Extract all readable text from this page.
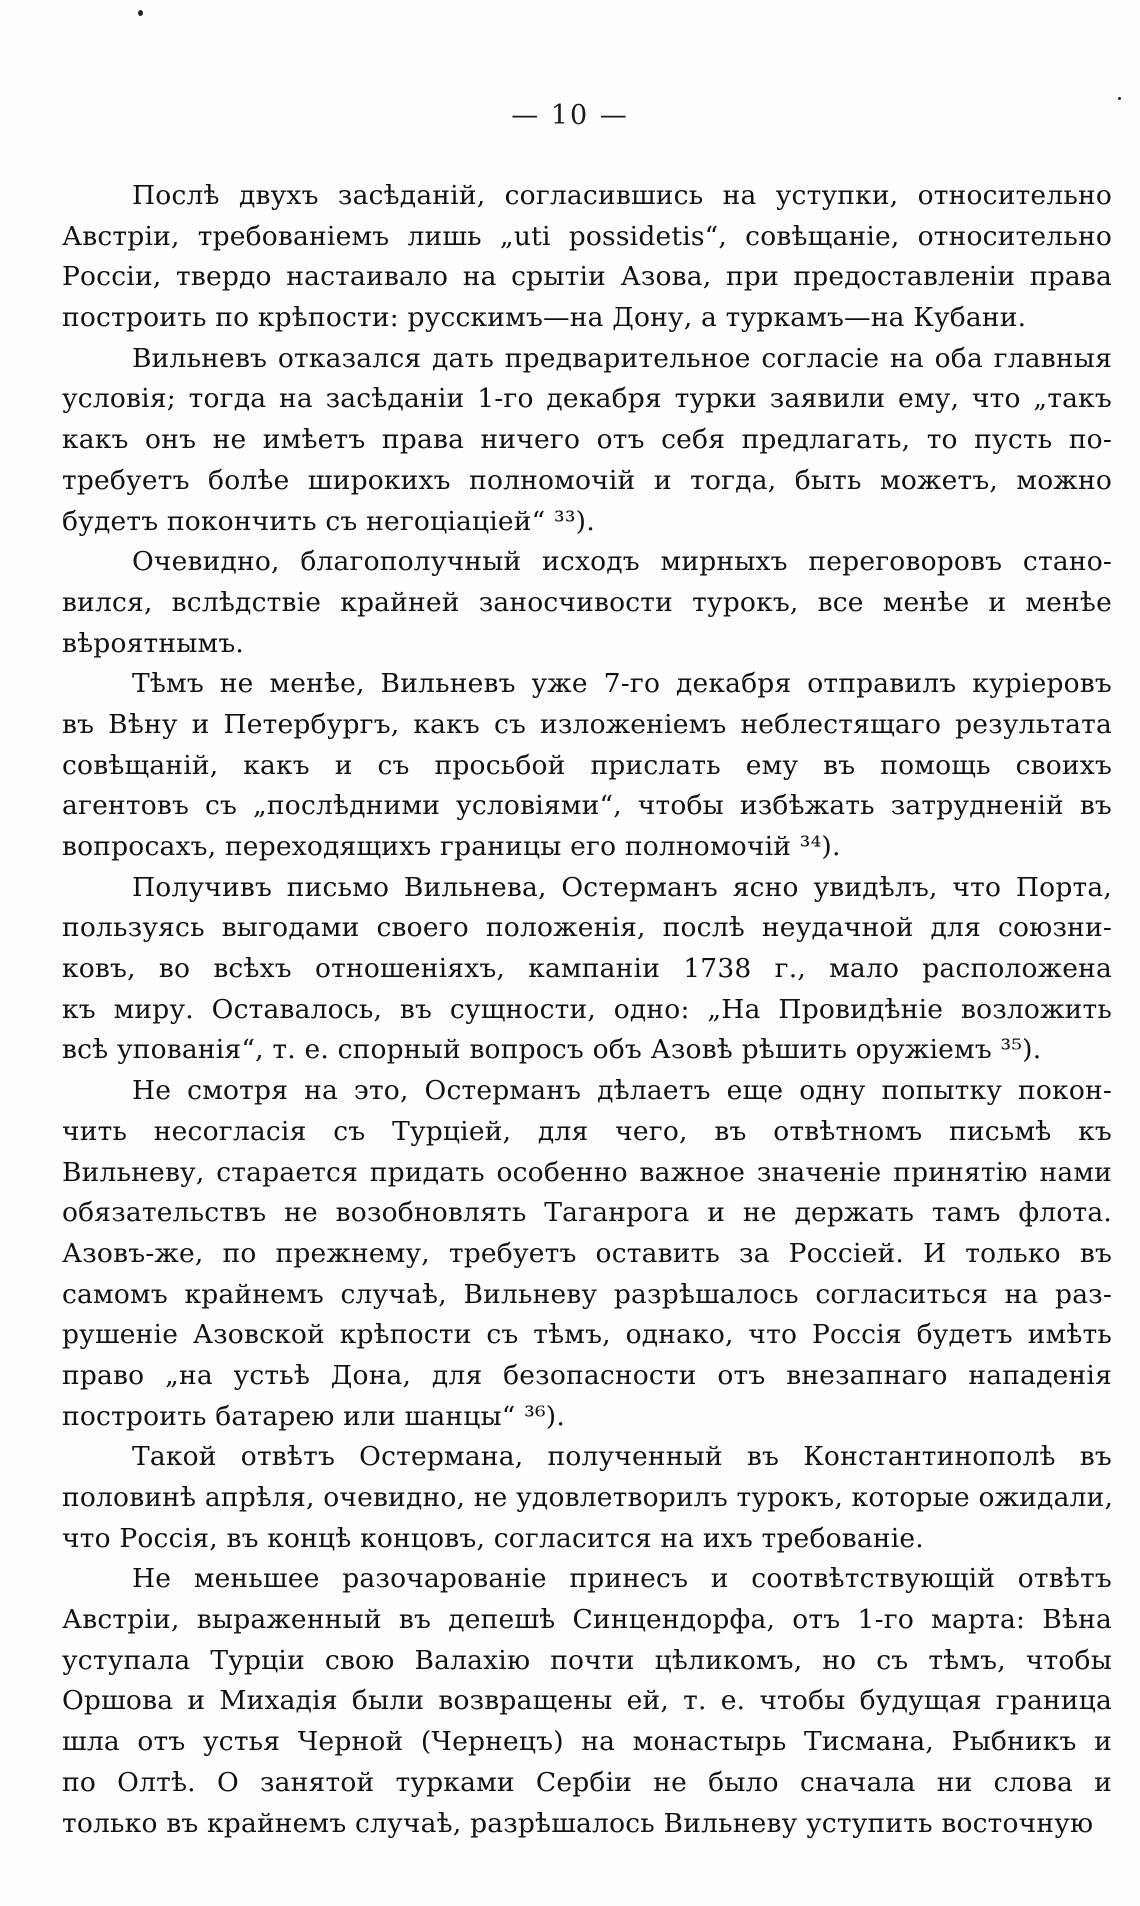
— 10 —
Послѣ двухъ засѣданій, согласившись на уступки, относительно
Австріи, требованіемъ лишь „uti possidetis“, совѣщаніе, относительно
Россіи, твердо настаивало на срытіи Азова, при предоставленіи права
построить по крѣпости: русскимъ—на Дону, а туркамъ—на Кубани.
Вильневъ отказался дать предварительное согласіе на оба главныя
условія; тогда на засѣданіи 1-го декабря турки заявили ему, что „такъ
какъ онъ не имѣетъ права ничего отъ себя предлагать, то пусть по-
требуетъ болѣе широкихъ полномочій и тогда, быть можетъ, можно
будетъ покончить съ негоціаціей“ ³³).
Очевидно, благополучный исходъ мирныхъ переговоровъ стано-
вился, вслѣдствіе крайней заносчивости турокъ, все менѣе и менѣе
вѣроятнымъ.
Тѣмъ не менѣе, Вильневъ уже 7-го декабря отправилъ куріеровъ
въ Вѣну и Петербургъ, какъ съ изложеніемъ неблестящаго результата
совѣщаній, какъ и съ просьбой прислать ему въ помощь своихъ
агентовъ съ „послѣдними условіями“, чтобы избѣжать затрудненій въ
вопросахъ, переходящихъ границы его полномочій ³⁴).
Получивъ письмо Вильнева, Остерманъ ясно увидѣлъ, что Порта,
пользуясь выгодами своего положенія, послѣ неудачной для союзни-
ковъ, во всѣхъ отношеніяхъ, кампаніи 1738 г., мало расположена
къ миру. Оставалось, въ сущности, одно: „На Провидѣніе возложить
всѣ упованія“, т. е. спорный вопросъ объ Азовѣ рѣшить оружіемъ ³⁵).
Не смотря на это, Остерманъ дѣлаетъ еще одну попытку покон-
чить несогласія съ Турціей, для чего, въ отвѣтномъ письмѣ къ
Вильневу, старается придать особенно важное значеніе принятію нами
обязательствъ не возобновлять Таганрога и не держать тамъ флота.
Азовъ-же, по прежнему, требуетъ оставить за Россіей. И только въ
самомъ крайнемъ случаѣ, Вильневу разрѣшалось согласиться на раз-
рушеніе Азовской крѣпости съ тѣмъ, однако, что Россія будетъ имѣть
право „на устьѣ Дона, для безопасности отъ внезапнаго нападенія
построить батарею или шанцы“ ³⁶).
Такой отвѣтъ Остермана, полученный въ Константинополѣ въ
половинѣ апрѣля, очевидно, не удовлетворилъ турокъ, которые ожидали,
что Россія, въ концѣ концовъ, согласится на ихъ требованіе.
Не меньшее разочарованіе принесъ и соотвѣтствующій отвѣтъ
Австріи, выраженный въ депешѣ Синцендорфа, отъ 1-го марта: Вѣна
уступала Турціи свою Валахію почти цѣликомъ, но съ тѣмъ, чтобы
Оршова и Михадія были возвращены ей, т. е. чтобы будущая граница
шла отъ устья Черной (Чернецъ) на монастырь Тисмана, Рыбникъ и
по Олтѣ. О занятой турками Сербіи не было сначала ни слова и
только въ крайнемъ случаѣ, разрѣшалось Вильневу уступить восточную
